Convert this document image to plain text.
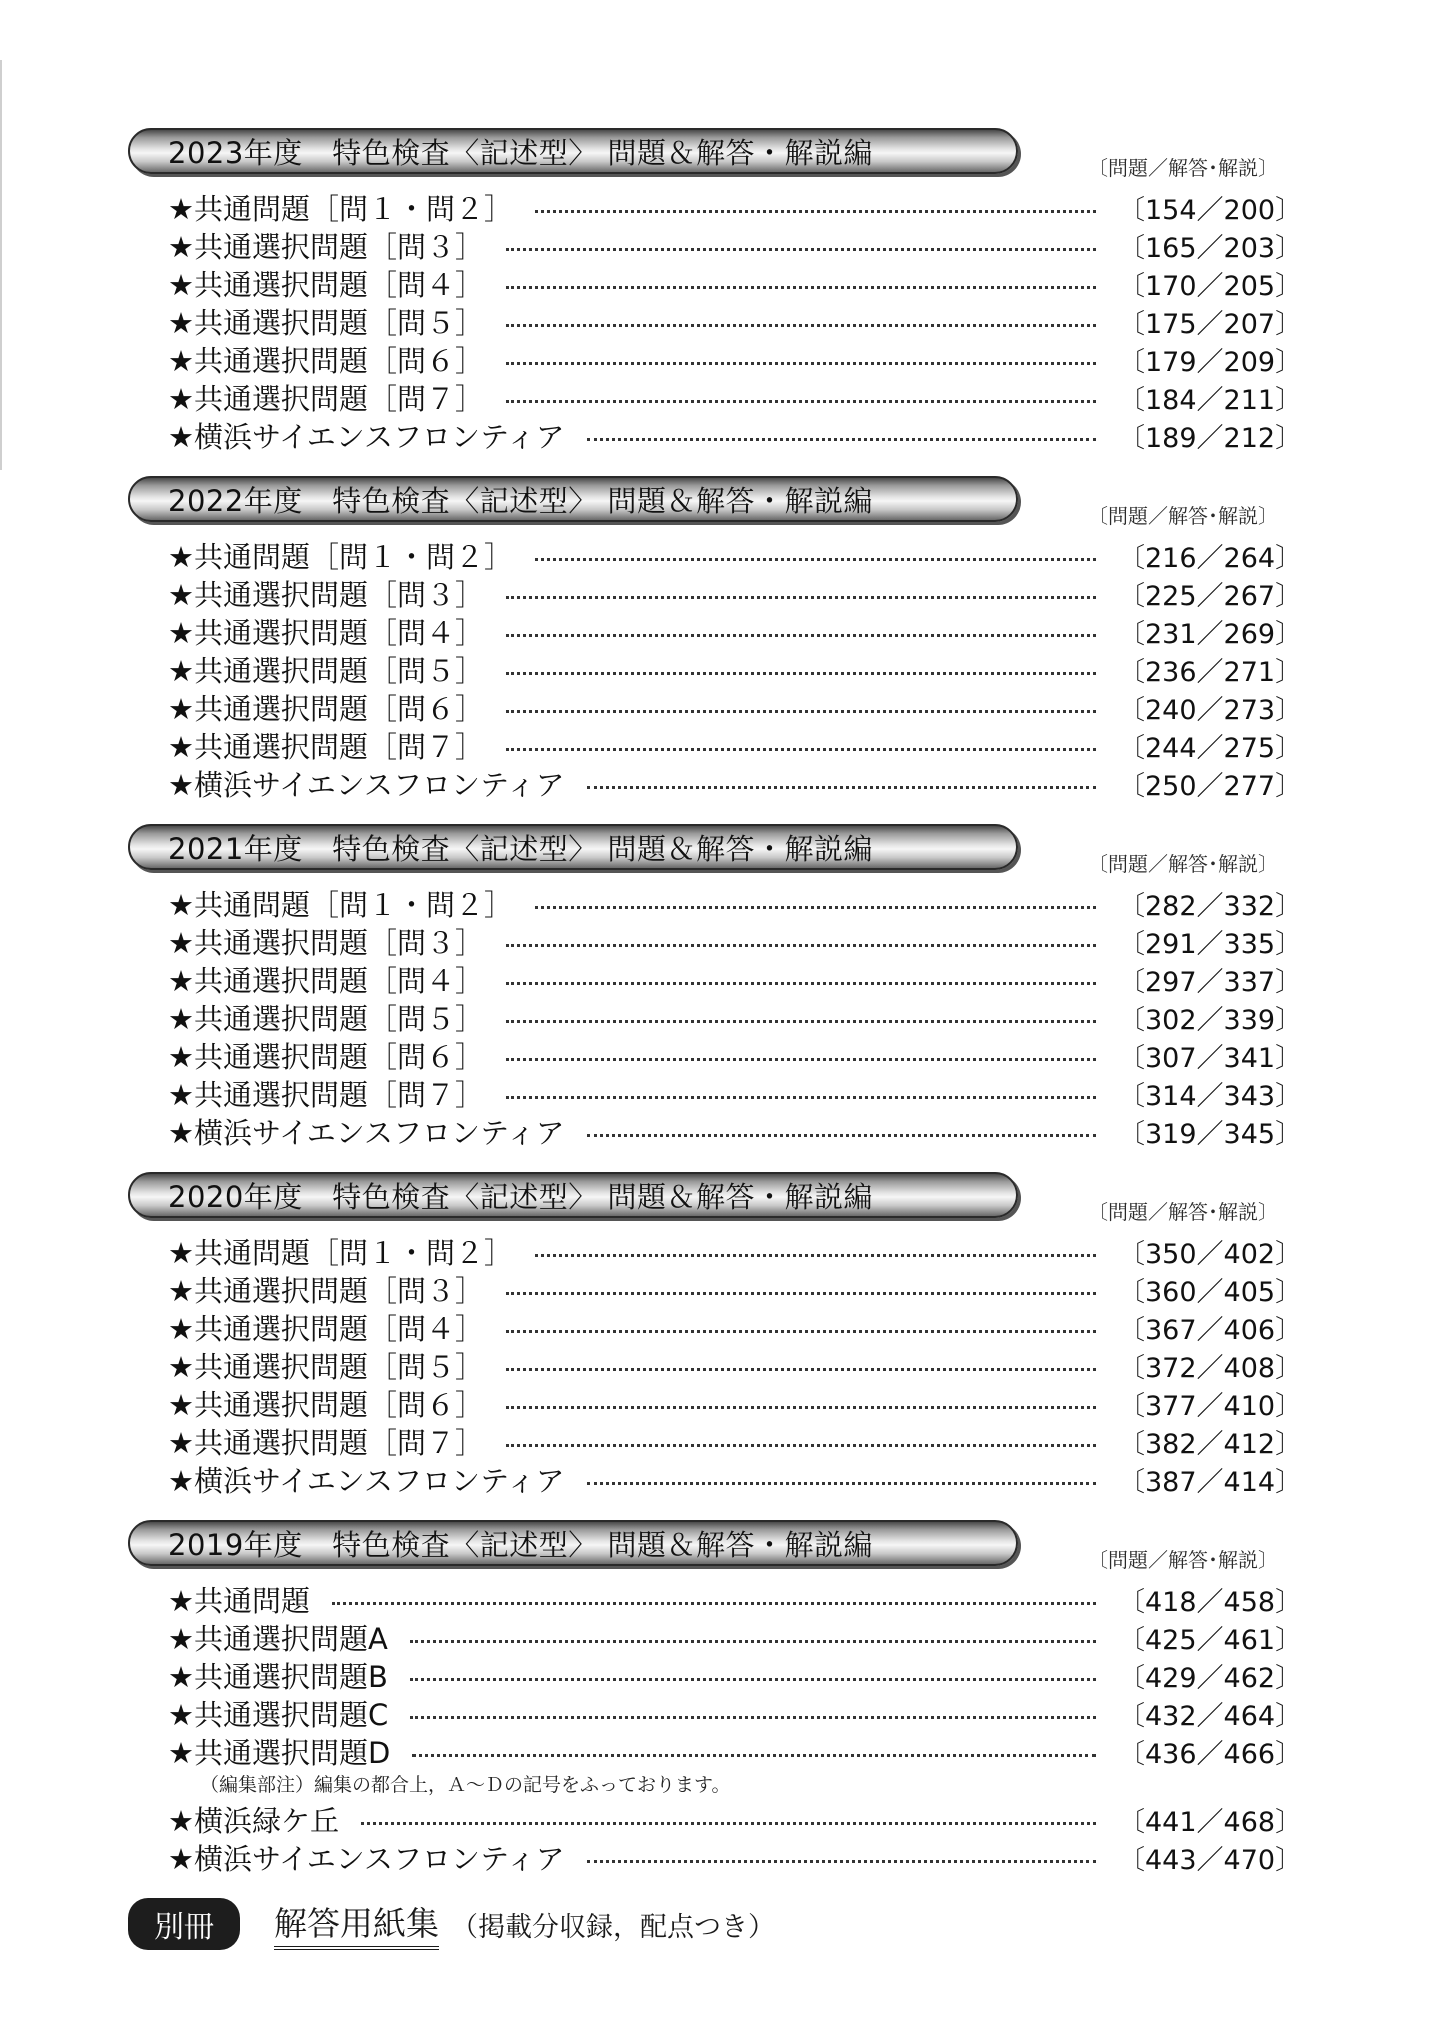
2023年度　特色検査〈記述型〉 問題＆解答・解説編	〔問題／解答･解説〕
★共通問題［問１・問２］	〔154／200〕
★共通選択問題［問３］	〔165／203〕
★共通選択問題［問４］	〔170／205〕
★共通選択問題［問５］	〔175／207〕
★共通選択問題［問６］	〔179／209〕
★共通選択問題［問７］	〔184／211〕
★横浜サイエンスフロンティア	〔189／212〕
2022年度　特色検査〈記述型〉 問題＆解答・解説編	〔問題／解答･解説〕
★共通問題［問１・問２］	〔216／264〕
★共通選択問題［問３］	〔225／267〕
★共通選択問題［問４］	〔231／269〕
★共通選択問題［問５］	〔236／271〕
★共通選択問題［問６］	〔240／273〕
★共通選択問題［問７］	〔244／275〕
★横浜サイエンスフロンティア	〔250／277〕
2021年度　特色検査〈記述型〉 問題＆解答・解説編	〔問題／解答･解説〕
★共通問題［問１・問２］	〔282／332〕
★共通選択問題［問３］	〔291／335〕
★共通選択問題［問４］	〔297／337〕
★共通選択問題［問５］	〔302／339〕
★共通選択問題［問６］	〔307／341〕
★共通選択問題［問７］	〔314／343〕
★横浜サイエンスフロンティア	〔319／345〕
2020年度　特色検査〈記述型〉 問題＆解答・解説編	〔問題／解答･解説〕
★共通問題［問１・問２］	〔350／402〕
★共通選択問題［問３］	〔360／405〕
★共通選択問題［問４］	〔367／406〕
★共通選択問題［問５］	〔372／408〕
★共通選択問題［問６］	〔377／410〕
★共通選択問題［問７］	〔382／412〕
★横浜サイエンスフロンティア	〔387／414〕
2019年度　特色検査〈記述型〉 問題＆解答・解説編	〔問題／解答･解説〕
★共通問題	〔418／458〕
★共通選択問題A	〔425／461〕
★共通選択問題B	〔429／462〕
★共通選択問題C	〔432／464〕
★共通選択問題D	〔436／466〕
（編集部注）編集の都合上，Ａ～Ｄの記号をふっております。
★横浜緑ケ丘	〔441／468〕
★横浜サイエンスフロンティア	〔443／470〕
別冊	解答用紙集 （掲載分収録，配点つき）
